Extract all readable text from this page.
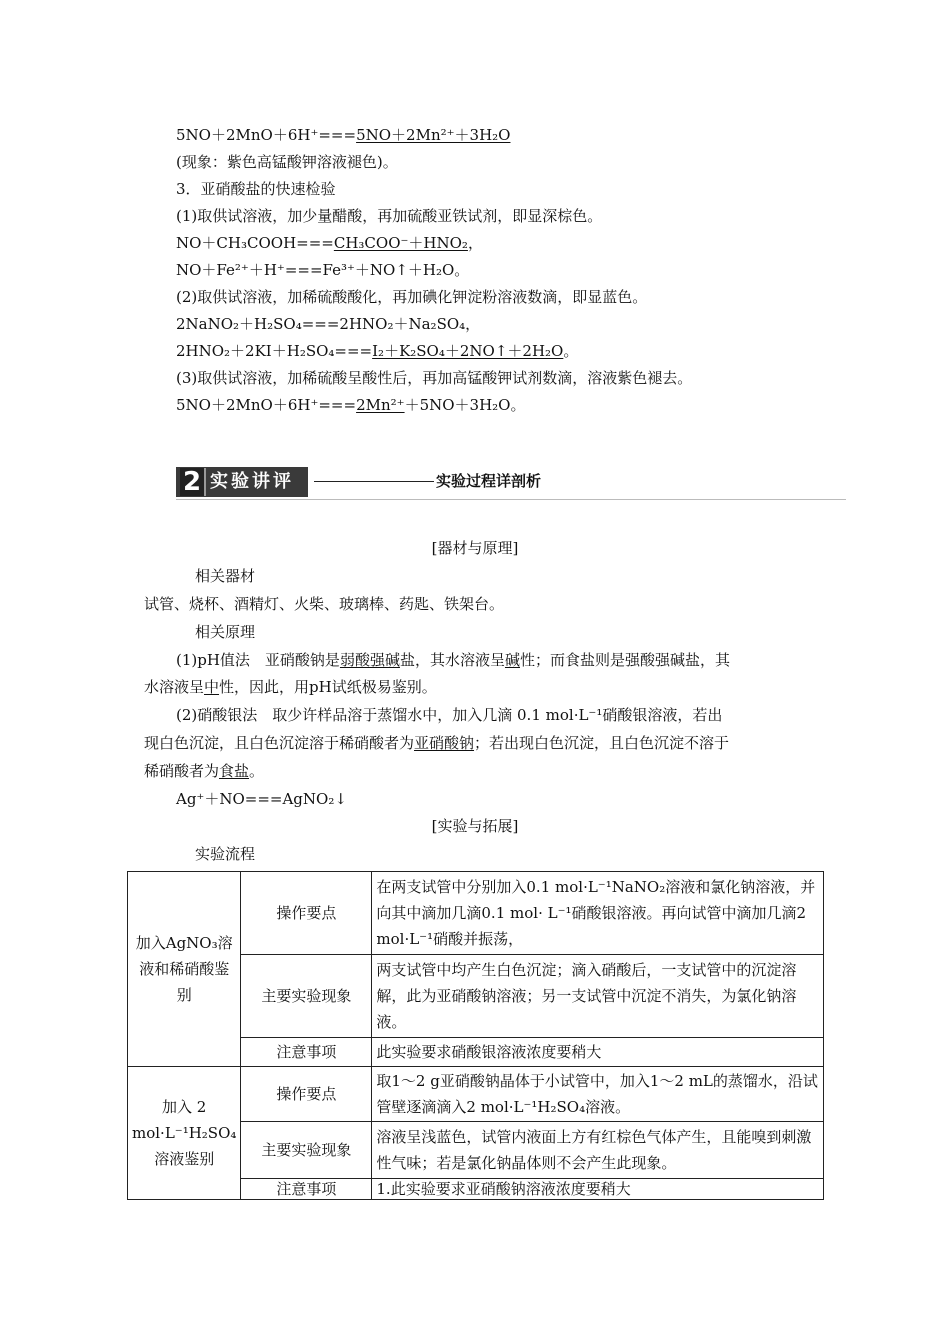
5NO＋2MnO＋6H⁺===5NO＋2Mn²⁺＋3H₂O
(现象：紫色高锰酸钾溶液褪色)。
3．亚硝酸盐的快速检验
(1)取供试溶液，加少量醋酸，再加硫酸亚铁试剂，即显深棕色。
NO＋CH₃COOH===CH₃COO⁻＋HNO₂，
NO＋Fe²⁺＋H⁺===Fe³⁺＋NO↑＋H₂O。
(2)取供试溶液，加稀硫酸酸化，再加碘化钾淀粉溶液数滴，即显蓝色。
2NaNO₂＋H₂SO₄===2HNO₂＋Na₂SO₄，
2HNO₂＋2KI＋H₂SO₄===I₂＋K₂SO₄＋2NO↑＋2H₂O。
(3)取供试溶液，加稀硫酸呈酸性后，再加高锰酸钾试剂数滴，溶液紫色褪去。
5NO＋2MnO＋6H⁺===2Mn²⁺＋5NO＋3H₂O。
2 实验讲评	实验过程详剖析
[器材与原理]
相关器材
试管、烧杯、酒精灯、火柴、玻璃棒、药匙、铁架台。
相关原理
(1)pH值法　亚硝酸钠是弱酸强碱盐，其水溶液呈碱性；而食盐则是强酸强碱盐，其
水溶液呈中性，因此，用pH试纸极易鉴别。
(2)硝酸银法　取少许样品溶于蒸馏水中，加入几滴 0.1 mol·L⁻¹硝酸银溶液，若出
现白色沉淀，且白色沉淀溶于稀硝酸者为亚硝酸钠；若出现白色沉淀，且白色沉淀不溶于
稀硝酸者为食盐。
Ag⁺＋NO===AgNO₂↓
[实验与拓展]
实验流程
加入AgNO₃溶液和稀硝酸鉴别	操作要点	在两支试管中分别加入0.1 mol·L⁻¹NaNO₂溶液和氯化钠溶液，并向其中滴加几滴0.1 mol· L⁻¹硝酸银溶液。再向试管中滴加几滴2 mol·L⁻¹硝酸并振荡，
	主要实验现象	两支试管中均产生白色沉淀；滴入硝酸后，一支试管中的沉淀溶解，此为亚硝酸钠溶液；另一支试管中沉淀不消失，为氯化钠溶液。
	注意事项	此实验要求硝酸银溶液浓度要稍大
加入 2 mol·L⁻¹H₂SO₄溶液鉴别	操作要点	取1～2 g亚硝酸钠晶体于小试管中，加入1～2 mL的蒸馏水，沿试管壁逐滴滴入2 mol·L⁻¹H₂SO₄溶液。
	主要实验现象	溶液呈浅蓝色，试管内液面上方有红棕色气体产生，且能嗅到刺激性气味；若是氯化钠晶体则不会产生此现象。
	注意事项	1.此实验要求亚硝酸钠溶液浓度要稍大
